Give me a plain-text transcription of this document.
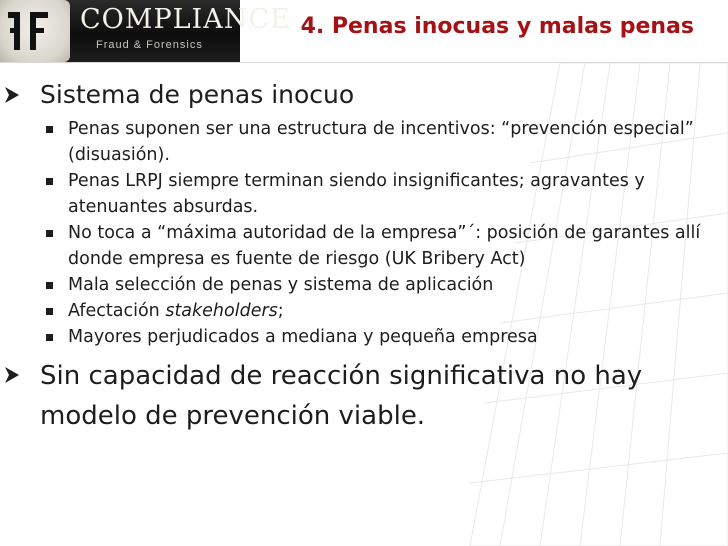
COMPLIANCE
Fraud & Forensics
4. Penas inocuas y malas penas
Sistema de penas inocuo
Penas suponen ser una estructura de incentivos: “prevención especial” (disuasión).
Penas LRPJ siempre terminan siendo insignificantes; agravantes y atenuantes absurdas.
No toca a “máxima autoridad de la empresa”´: posición de garantes allí donde empresa es fuente de riesgo (UK Bribery Act)
Mala selección de penas y sistema de aplicación
Afectación stakeholders;
Mayores perjudicados a mediana y pequeña empresa
Sin capacidad de reacción significativa no hay modelo de prevención viable.
